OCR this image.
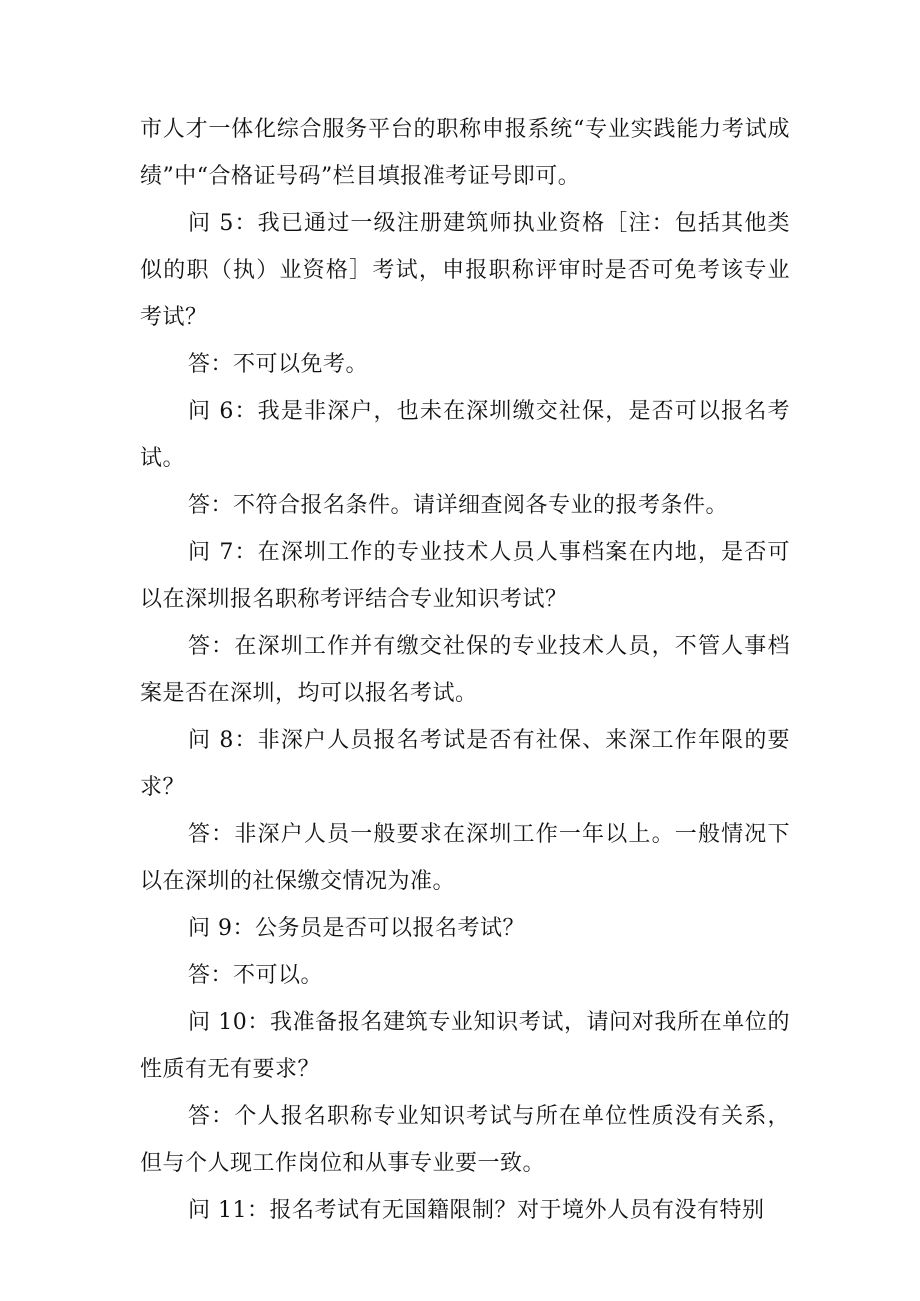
市人才一体化综合服务平台的职称申报系统“专业实践能力考试成绩”中“合格证号码”栏目填报准考证号即可。

问 5：我已通过一级注册建筑师执业资格［注：包括其他类似的职（执）业资格］考试，申报职称评审时是否可免考该专业考试？

答：不可以免考。

问 6：我是非深户，也未在深圳缴交社保，是否可以报名考试。

答：不符合报名条件。请详细查阅各专业的报考条件。

问 7：在深圳工作的专业技术人员人事档案在内地，是否可以在深圳报名职称考评结合专业知识考试？

答：在深圳工作并有缴交社保的专业技术人员，不管人事档案是否在深圳，均可以报名考试。

问 8：非深户人员报名考试是否有社保、来深工作年限的要求？

答：非深户人员一般要求在深圳工作一年以上。一般情况下以在深圳的社保缴交情况为准。

问 9：公务员是否可以报名考试？

答：不可以。

问 10：我准备报名建筑专业知识考试，请问对我所在单位的性质有无有要求？

答：个人报名职称专业知识考试与所在单位性质没有关系，但与个人现工作岗位和从事专业要一致。

问 11：报名考试有无国籍限制？对于境外人员有没有特别
